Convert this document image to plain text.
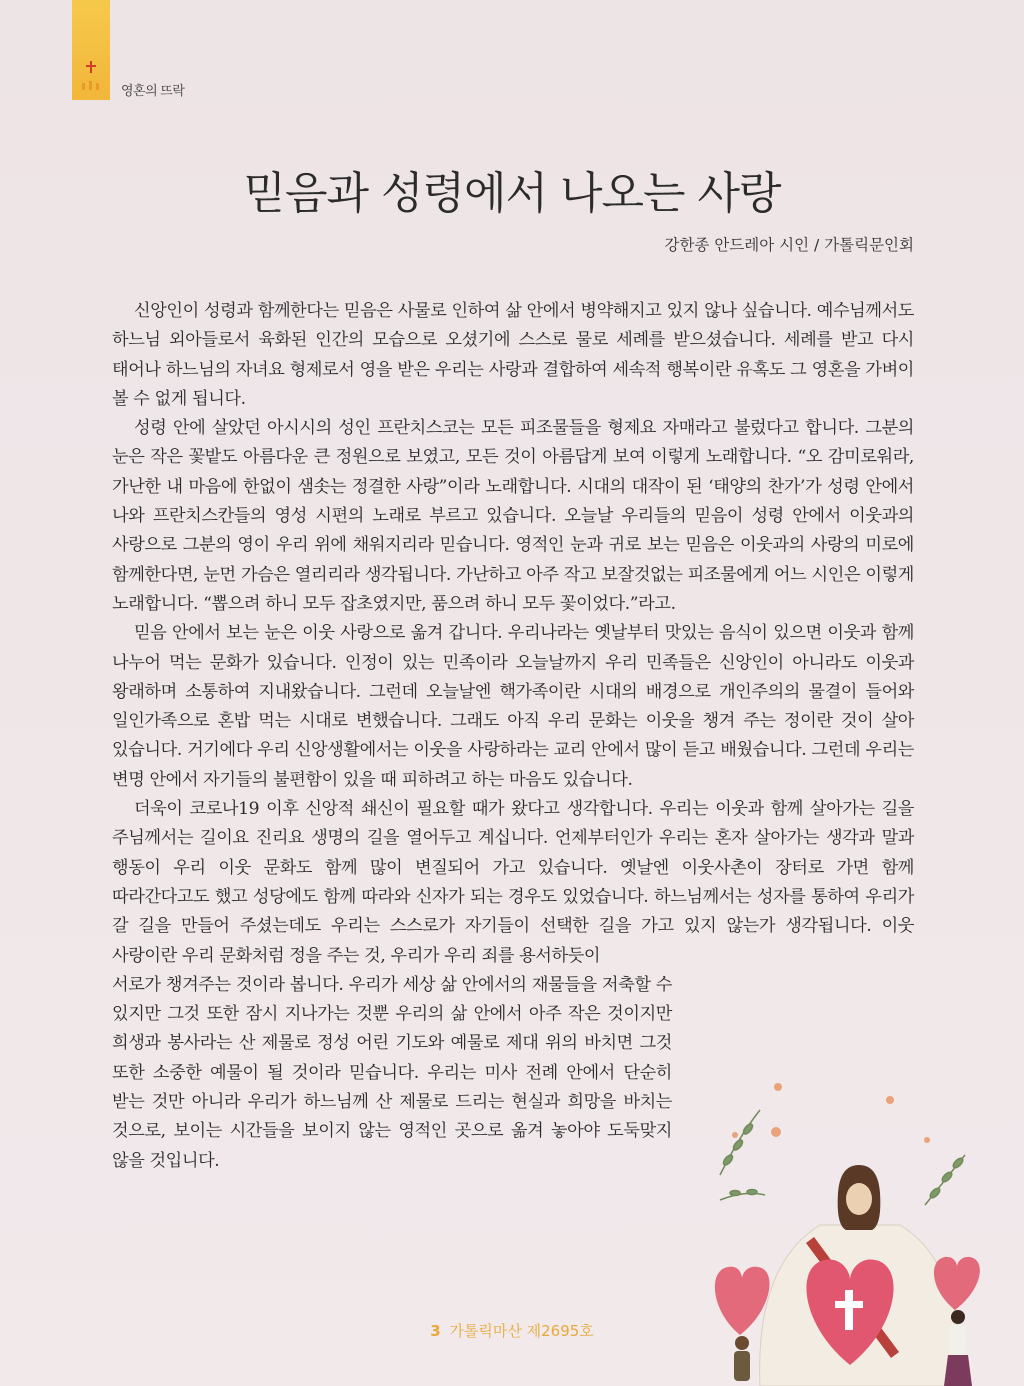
영혼의 뜨락
믿음과 성령에서 나오는 사랑
강한종 안드레아 시인 / 가톨릭문인회

신앙인이 성령과 함께한다는 믿음은 사물로 인하여 삶 안에서 병약해지고 있지 않나 싶습니다. 예수님께서도 하느님 외아들로서 육화된 인간의 모습으로 오셨기에 스스로 물로 세례를 받으셨습니다. 세례를 받고 다시 태어나 하느님의 자녀요 형제로서 영을 받은 우리는 사랑과 결합하여 세속적 행복이란 유혹도 그 영혼을 가벼이 볼 수 없게 됩니다.

성령 안에 살았던 아시시의 성인 프란치스코는 모든 피조물들을 형제요 자매라고 불렀다고 합니다. 그분의 눈은 작은 꽃밭도 아름다운 큰 정원으로 보였고, 모든 것이 아름답게 보여 이렇게 노래합니다. “오 감미로워라, 가난한 내 마음에 한없이 샘솟는 정결한 사랑”이라 노래합니다. 시대의 대작이 된 ‘태양의 찬가’가 성령 안에서 나와 프란치스칸들의 영성 시편의 노래로 부르고 있습니다. 오늘날 우리들의 믿음이 성령 안에서 이웃과의 사랑으로 그분의 영이 우리 위에 채워지리라 믿습니다. 영적인 눈과 귀로 보는 믿음은 이웃과의 사랑의 미로에 함께한다면, 눈먼 가슴은 열리리라 생각됩니다. 가난하고 아주 작고 보잘것없는 피조물에게 어느 시인은 이렇게 노래합니다. “뽑으려 하니 모두 잡초였지만, 품으려 하니 모두 꽃이었다.”라고.

믿음 안에서 보는 눈은 이웃 사랑으로 옮겨 갑니다. 우리나라는 옛날부터 맛있는 음식이 있으면 이웃과 함께 나누어 먹는 문화가 있습니다. 인정이 있는 민족이라 오늘날까지 우리 민족들은 신앙인이 아니라도 이웃과 왕래하며 소통하여 지내왔습니다. 그런데 오늘날엔 핵가족이란 시대의 배경으로 개인주의의 물결이 들어와 일인가족으로 혼밥 먹는 시대로 변했습니다. 그래도 아직 우리 문화는 이웃을 챙겨 주는 정이란 것이 살아 있습니다. 거기에다 우리 신앙생활에서는 이웃을 사랑하라는 교리 안에서 많이 듣고 배웠습니다. 그런데 우리는 변명 안에서 자기들의 불편함이 있을 때 피하려고 하는 마음도 있습니다.

더욱이 코로나19 이후 신앙적 쇄신이 필요할 때가 왔다고 생각합니다. 우리는 이웃과 함께 살아가는 길을 주님께서는 길이요 진리요 생명의 길을 열어두고 계십니다. 언제부터인가 우리는 혼자 살아가는 생각과 말과 행동이 우리 이웃 문화도 함께 많이 변질되어 가고 있습니다. 옛날엔 이웃사촌이 장터로 가면 함께 따라간다고도 했고 성당에도 함께 따라와 신자가 되는 경우도 있었습니다. 하느님께서는 성자를 통하여 우리가 갈 길을 만들어 주셨는데도 우리는 스스로가 자기들이 선택한 길을 가고 있지 않는가 생각됩니다. 이웃 사랑이란 우리 문화처럼 정을 주는 것, 우리가 우리 죄를 용서하듯이

서로가 챙겨주는 것이라 봅니다. 우리가 세상 삶 안에서의 재물들을 저축할 수 있지만 그것 또한 잠시 지나가는 것뿐 우리의 삶 안에서 아주 작은 것이지만 희생과 봉사라는 산 제물로 정성 어린 기도와 예물로 제대 위의 바치면 그것 또한 소중한 예물이 될 것이라 믿습니다. 우리는 미사 전례 안에서 단순히 받는 것만 아니라 우리가 하느님께 산 제물로 드리는 현실과 희망을 바치는 것으로, 보이는 시간들을 보이지 않는 영적인 곳으로 옮겨 놓아야 도둑맞지 않을 것입니다.

3 가톨릭마산 제2695호
